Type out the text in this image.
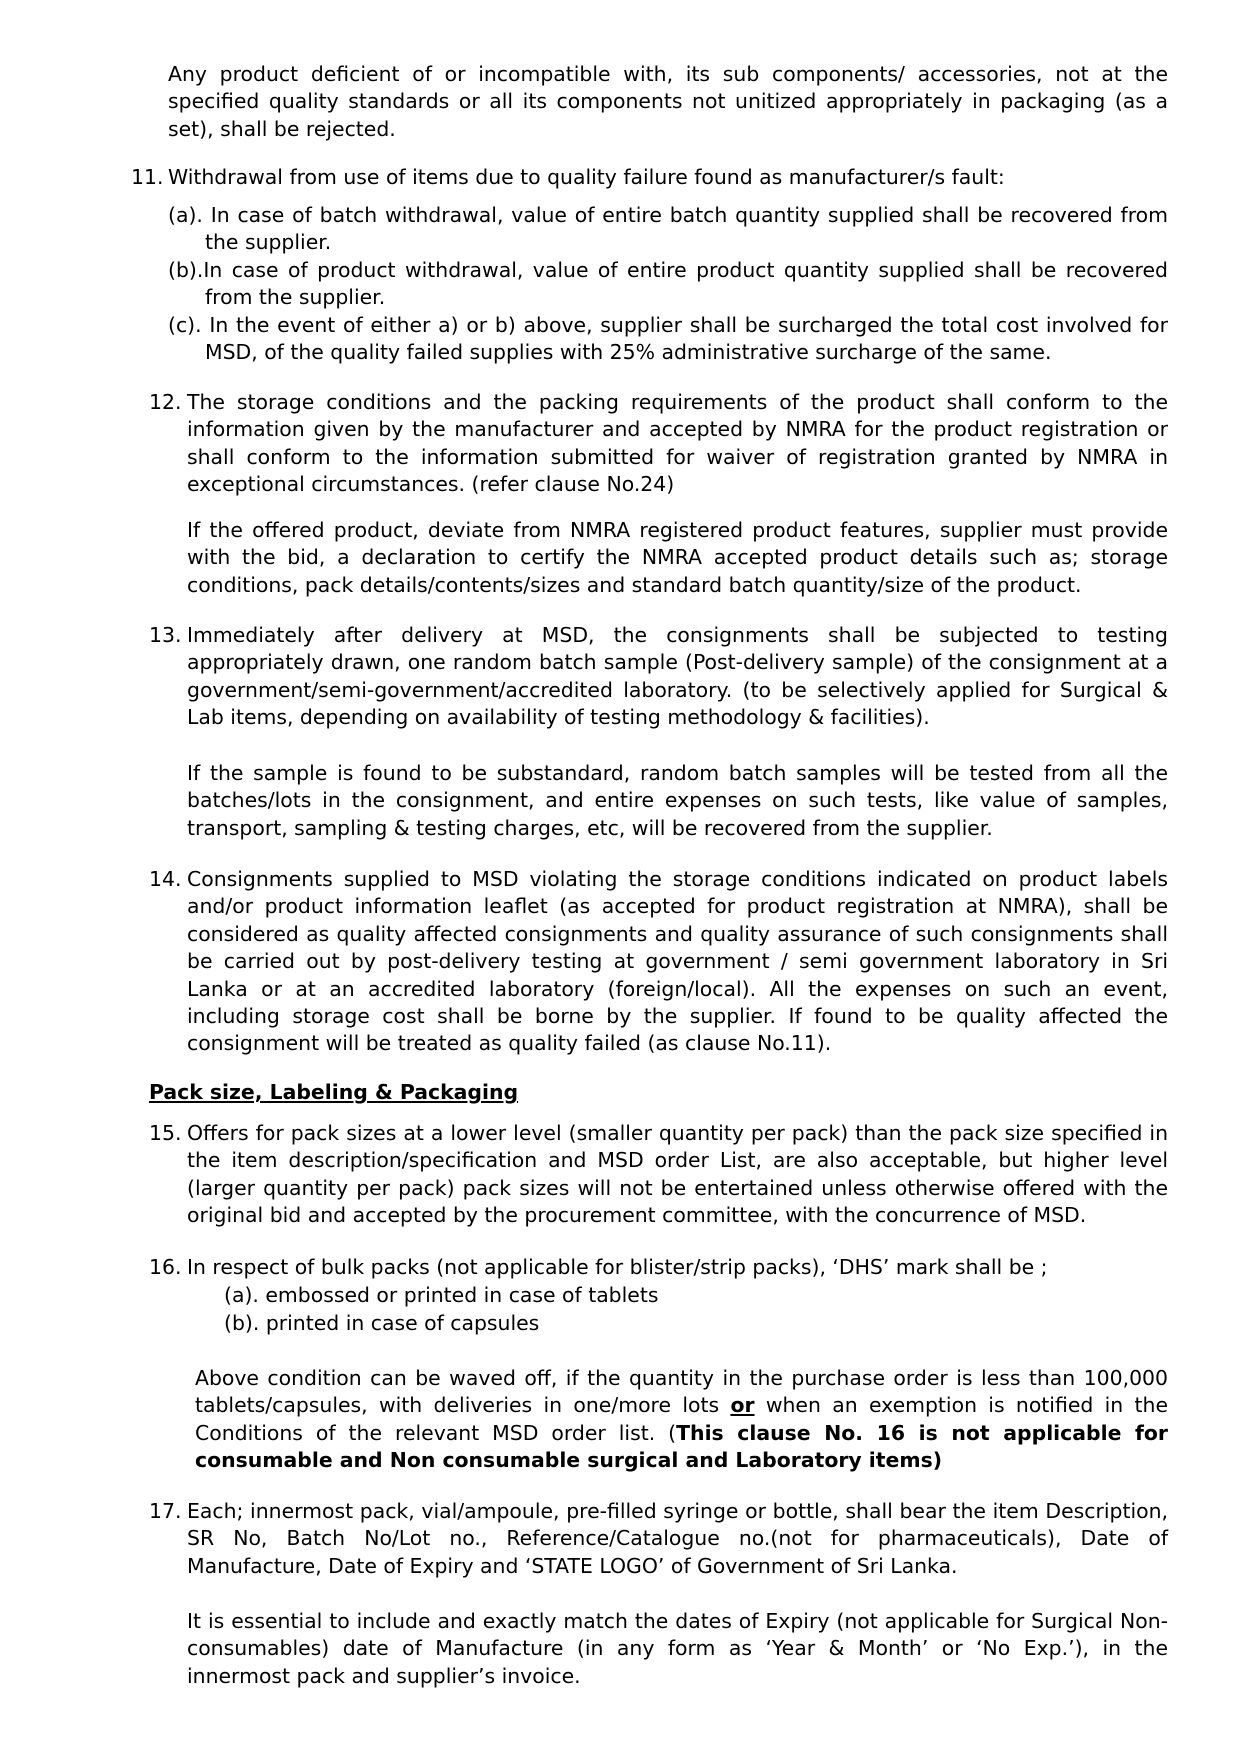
Any product deficient of or incompatible with, its sub components/ accessories, not at the specified quality standards or all its components not unitized appropriately in packaging (as a set), shall be rejected.

11. Withdrawal from use of items due to quality failure found as manufacturer/s fault:

(a). In case of batch withdrawal, value of entire batch quantity supplied shall be recovered from the supplier.

(b).In case of product withdrawal, value of entire product quantity supplied shall be recovered from the supplier.

(c). In the event of either a) or b) above, supplier shall be surcharged the total cost involved for MSD, of the quality failed supplies with 25% administrative surcharge of the same.

12. The storage conditions and the packing requirements of the product shall conform to the information given by the manufacturer and accepted by NMRA for the product registration or shall conform to the information submitted for waiver of registration granted by NMRA in exceptional circumstances. (refer clause No.24)

If the offered product, deviate from NMRA registered product features, supplier must provide with the bid, a declaration to certify the NMRA accepted product details such as; storage conditions, pack details/contents/sizes and standard batch quantity/size of the product.

13. Immediately after delivery at MSD, the consignments shall be subjected to testing appropriately drawn, one random batch sample (Post-delivery sample) of the consignment at a government/semi-government/accredited laboratory. (to be selectively applied for Surgical & Lab items, depending on availability of testing methodology & facilities).

If the sample is found to be substandard, random batch samples will be tested from all the batches/lots in the consignment, and entire expenses on such tests, like value of samples, transport, sampling & testing charges, etc, will be recovered from the supplier.

14. Consignments supplied to MSD violating the storage conditions indicated on product labels and/or product information leaflet (as accepted for product registration at NMRA), shall be considered as quality affected consignments and quality assurance of such consignments shall be carried out by post-delivery testing at government / semi government laboratory in Sri Lanka or at an accredited laboratory (foreign/local). All the expenses on such an event, including storage cost shall be borne by the supplier. If found to be quality affected the consignment will be treated as quality failed (as clause No.11).

Pack size, Labeling & Packaging

15. Offers for pack sizes at a lower level (smaller quantity per pack) than the pack size specified in the item description/specification and MSD order List, are also acceptable, but higher level (larger quantity per pack) pack sizes will not be entertained unless otherwise offered with the original bid and accepted by the procurement committee, with the concurrence of MSD.

16. In respect of bulk packs (not applicable for blister/strip packs), ‘DHS’ mark shall be ;

(a). embossed or printed in case of tablets

(b). printed in case of capsules

Above condition can be waved off, if the quantity in the purchase order is less than 100,000 tablets/capsules, with deliveries in one/more lots or when an exemption is notified in the Conditions of the relevant MSD order list. (This clause No. 16 is not applicable for consumable and Non consumable surgical and Laboratory items)

17. Each; innermost pack, vial/ampoule, pre-filled syringe or bottle, shall bear the item Description, SR No, Batch No/Lot no., Reference/Catalogue no.(not for pharmaceuticals), Date of Manufacture, Date of Expiry and ‘STATE LOGO’ of Government of Sri Lanka.

It is essential to include and exactly match the dates of Expiry (not applicable for Surgical Non-consumables) date of Manufacture (in any form as ‘Year & Month’ or ‘No Exp.’), in the innermost pack and supplier’s invoice.
